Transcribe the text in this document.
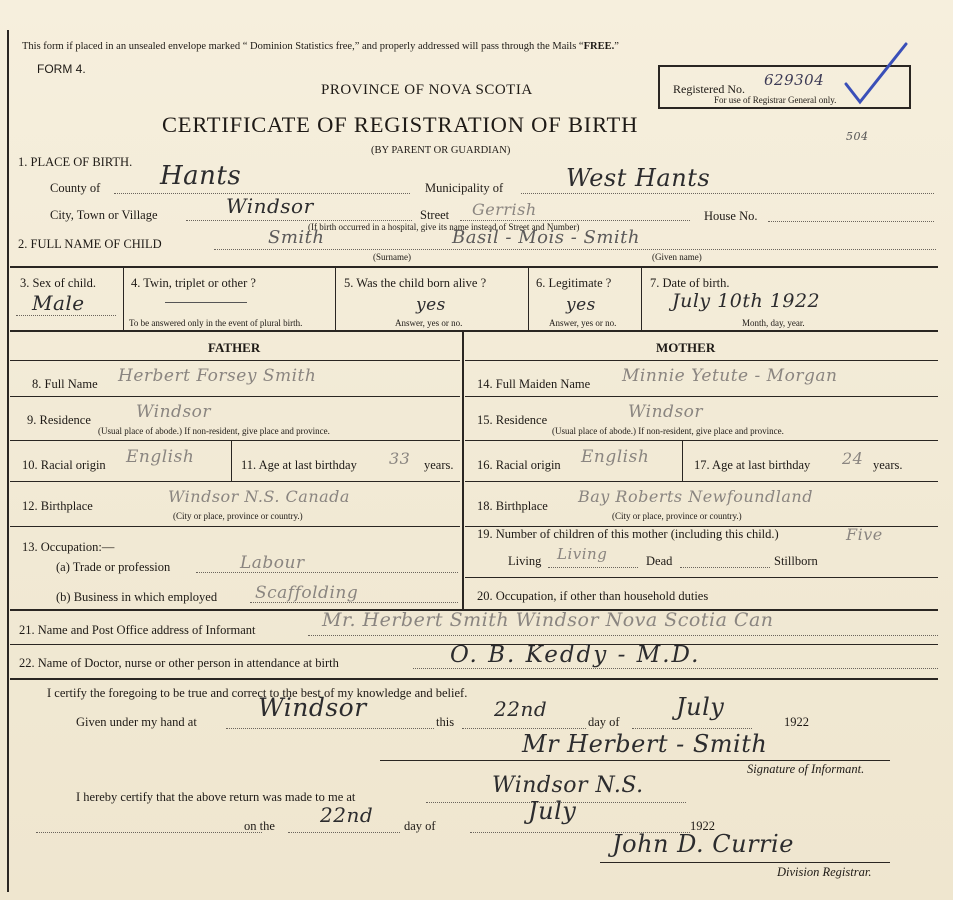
This form if placed in an unsealed envelope marked “ Dominion Statistics free,” and properly addressed will pass through the Mails “FREE.”
FORM 4.
PROVINCE OF NOVA SCOTIA
CERTIFICATE OF REGISTRATION OF BIRTH
(BY PARENT OR GUARDIAN)
Registered No. 629304
For use of Registrar General only.
504
1. PLACE OF BIRTH.
County of Hants	Municipality of	West Hants
City, Town or Village	Windsor	Street Gerrish	House No.
(If birth occurred in a hospital, give its name instead of Street and Number)
2. FULL NAME OF CHILD	Smith	Basil - Mois - Smith
(Surname)	(Given name)
3. Sex of child.
Male
4. Twin, triplet or other ?
To be answered only in the event of plural birth.
5. Was the child born alive ?
yes
Answer, yes or no.
6. Legitimate ?
yes
Answer, yes or no.
7. Date of birth.
July 10th 1922
Month, day, year.
FATHER
8. Full Name Herbert Forsey Smith
9. Residence	Windsor
(Usual place of abode.) If non-resident, give place and province.
10. Racial origin English	11. Age at last birthday 33 years.
12. Birthplace	Windsor N.S. Canada
(City or place, province or country.)
13. Occupation:—
(a) Trade or profession	Labour
(b) Business in which employed Scaffolding
MOTHER
14. Full Maiden Name Minnie Yetute - Morgan
15. Residence	Windsor
(Usual place of abode.) If non-resident, give place and province.
16. Racial origin English	17. Age at last birthday 24 years.
18. Birthplace Bay Roberts Newfoundland
(City or place, province or country.)
19. Number of children of this mother (including this child.)	Five
Living Living	Dead	Stillborn
20. Occupation, if other than household duties
21. Name and Post Office address of Informant	Mr. Herbert Smith Windsor Nova Scotia Can
22. Name of Doctor, nurse or other person in attendance at birth	O. B. Keddy - M.D.
I certify the foregoing to be true and correct to the best of my knowledge and belief.
Given under my hand at Windsor	this
22nd
day of
July
1922
Mr Herbert - Smith
Signature of Informant.
I hereby certify that the above return was made to me at	Windsor N.S.
on the 22nd day of
July
1922
John D. Currie
Division Registrar.
